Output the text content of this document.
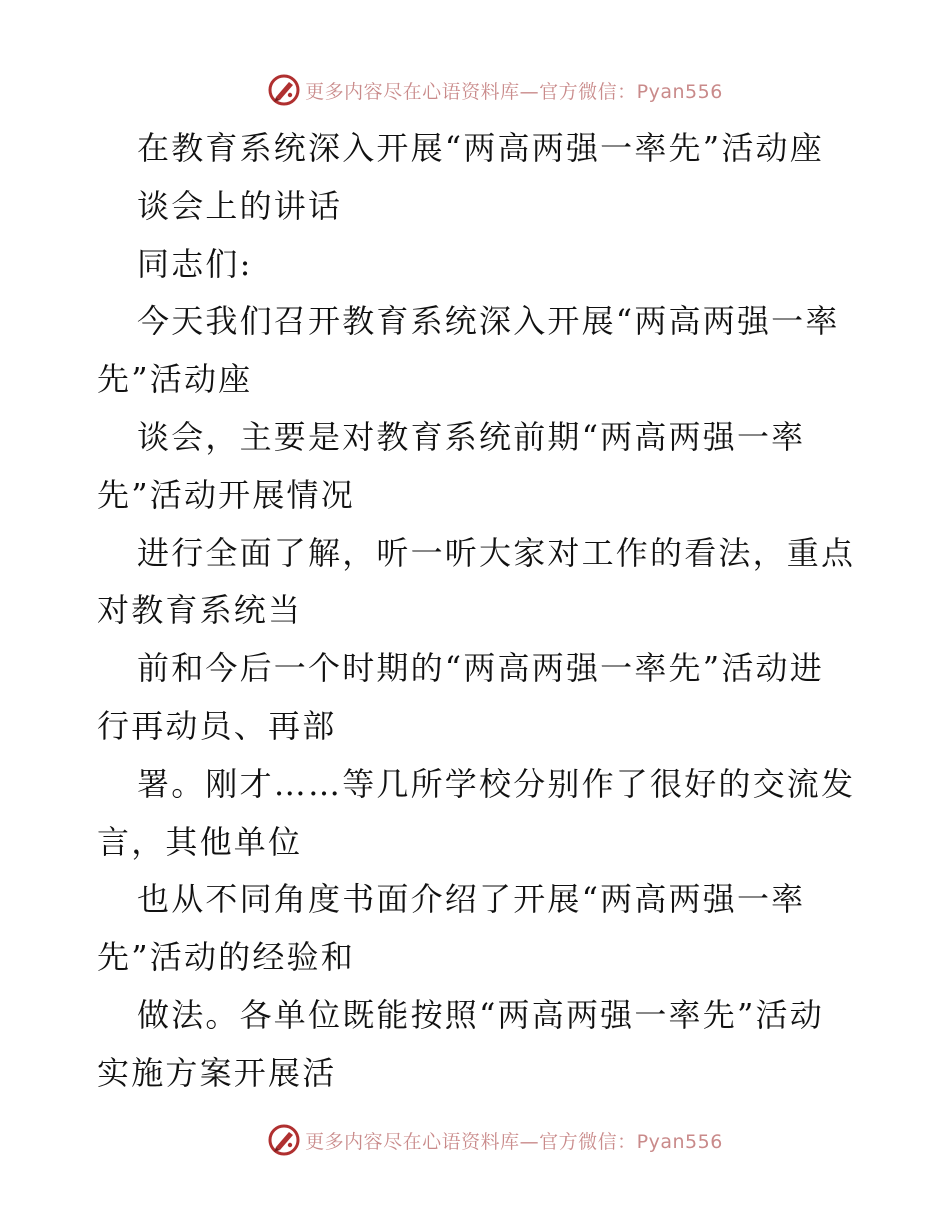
更多内容尽在心语资料库—官方微信：Pyan556
在教育系统深入开展“两高两强一率先”活动座
谈会上的讲话
同志们:
今天我们召开教育系统深入开展“两高两强一率
先”活动座
谈会，主要是对教育系统前期“两高两强一率
先”活动开展情况
进行全面了解，听一听大家对工作的看法，重点
对教育系统当
前和今后一个时期的“两高两强一率先”活动进
行再动员、再部
署。刚才……等几所学校分别作了很好的交流发
言，其他单位
也从不同角度书面介绍了开展“两高两强一率
先”活动的经验和
做法。各单位既能按照“两高两强一率先”活动
实施方案开展活
更多内容尽在心语资料库—官方微信：Pyan556
